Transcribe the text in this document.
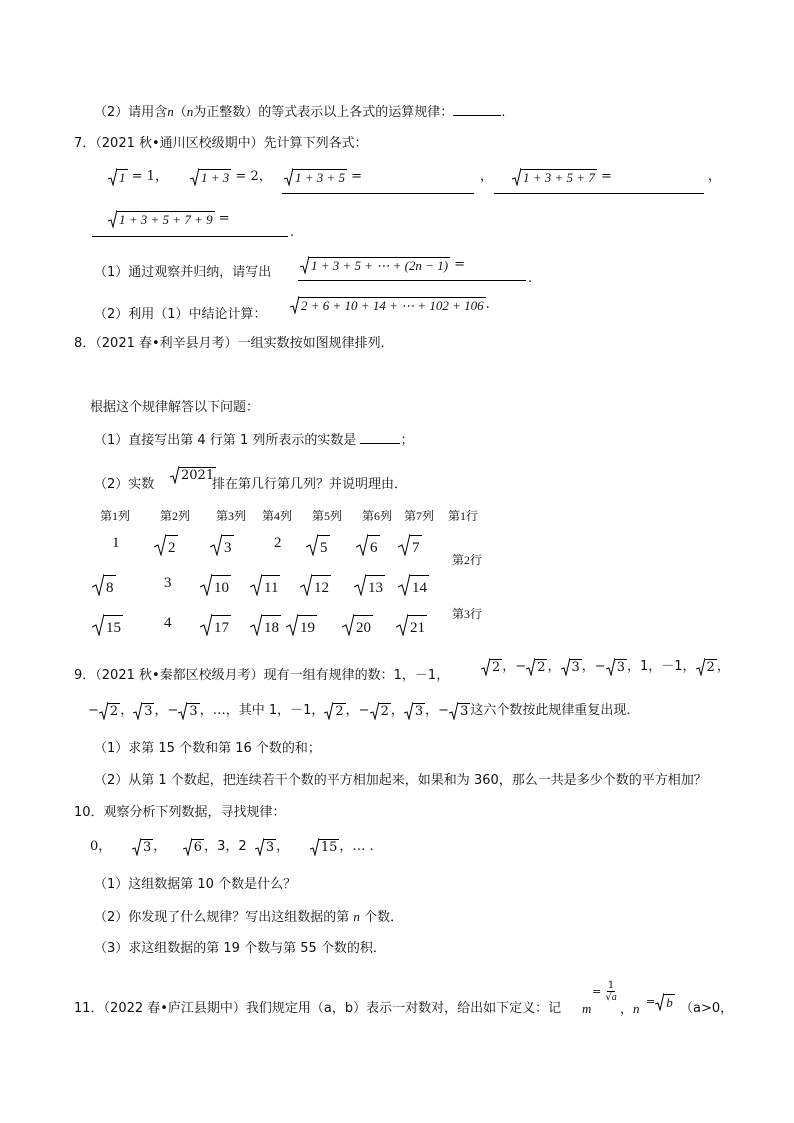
（2）请用含n（n为正整数）的等式表示以上各式的运算规律：	.
7．（2021 秋•通川区校级期中）先计算下列各式：
1 = 1，	1 + 3 = 2， 1 + 3 + 5 =	， 1 + 3 + 5 + 7 =	，
1 + 3 + 5 + 7 + 9 =
.
（1）通过观察并归纳，请写出	1 + 3 + 5 + ⋯ + (2n − 1) =
.
（2）利用（1）中结论计算：
2 + 6 + 10 + 14 + ⋯ + 102 + 106 .
8．（2021 春•利辛县月考）一组实数按如图规律排列．
根据这个规律解答以下问题：
（1）直接写出第 4 行第 1 列所表示的实数是	；
（2）实数
2021
排在第几行第几列？并说明理由．
第1列 第2列 第3列 第4列 第5列 第6列 第7列 第1行
第2行
第3行
1	2	3	2	5	6 7
8	3	10 11 12	13 14
15	4	17 18 19	20	21
9．（2021 秋•秦都区校级月考）现有一组有规律的数：1，－1，
2 ，− 2 ， 3 ，− 3 ，1，－1， 2 ，
− 2 ， 3 ，− 3 ，…，其中 1，－1， 2 ，− 2 ， 3 ，− 3 这六个数按此规律重复出现．
（1）求第 15 个数和第 16 个数的和；
（2）从第 1 个数起，把连续若干个数的平方相加起来，如果和为 360，那么一共是多少个数的平方相加？
10．观察分析下列数据，寻找规律：
0， 3 ， 6 ，3，2 3 ， 15 ，… .
（1）这组数据第 10 个数是什么？
（2）你发现了什么规律？写出这组数据的第 n 个数．
（3）求这组数据的第 19 个数与第 55 个数的积．
11．（2022 春•庐江县期中）我们规定用（a，b）表示一对数对，给出如下定义：记 m
= $\frac{1}{√a}$
，n = b （a>0，
